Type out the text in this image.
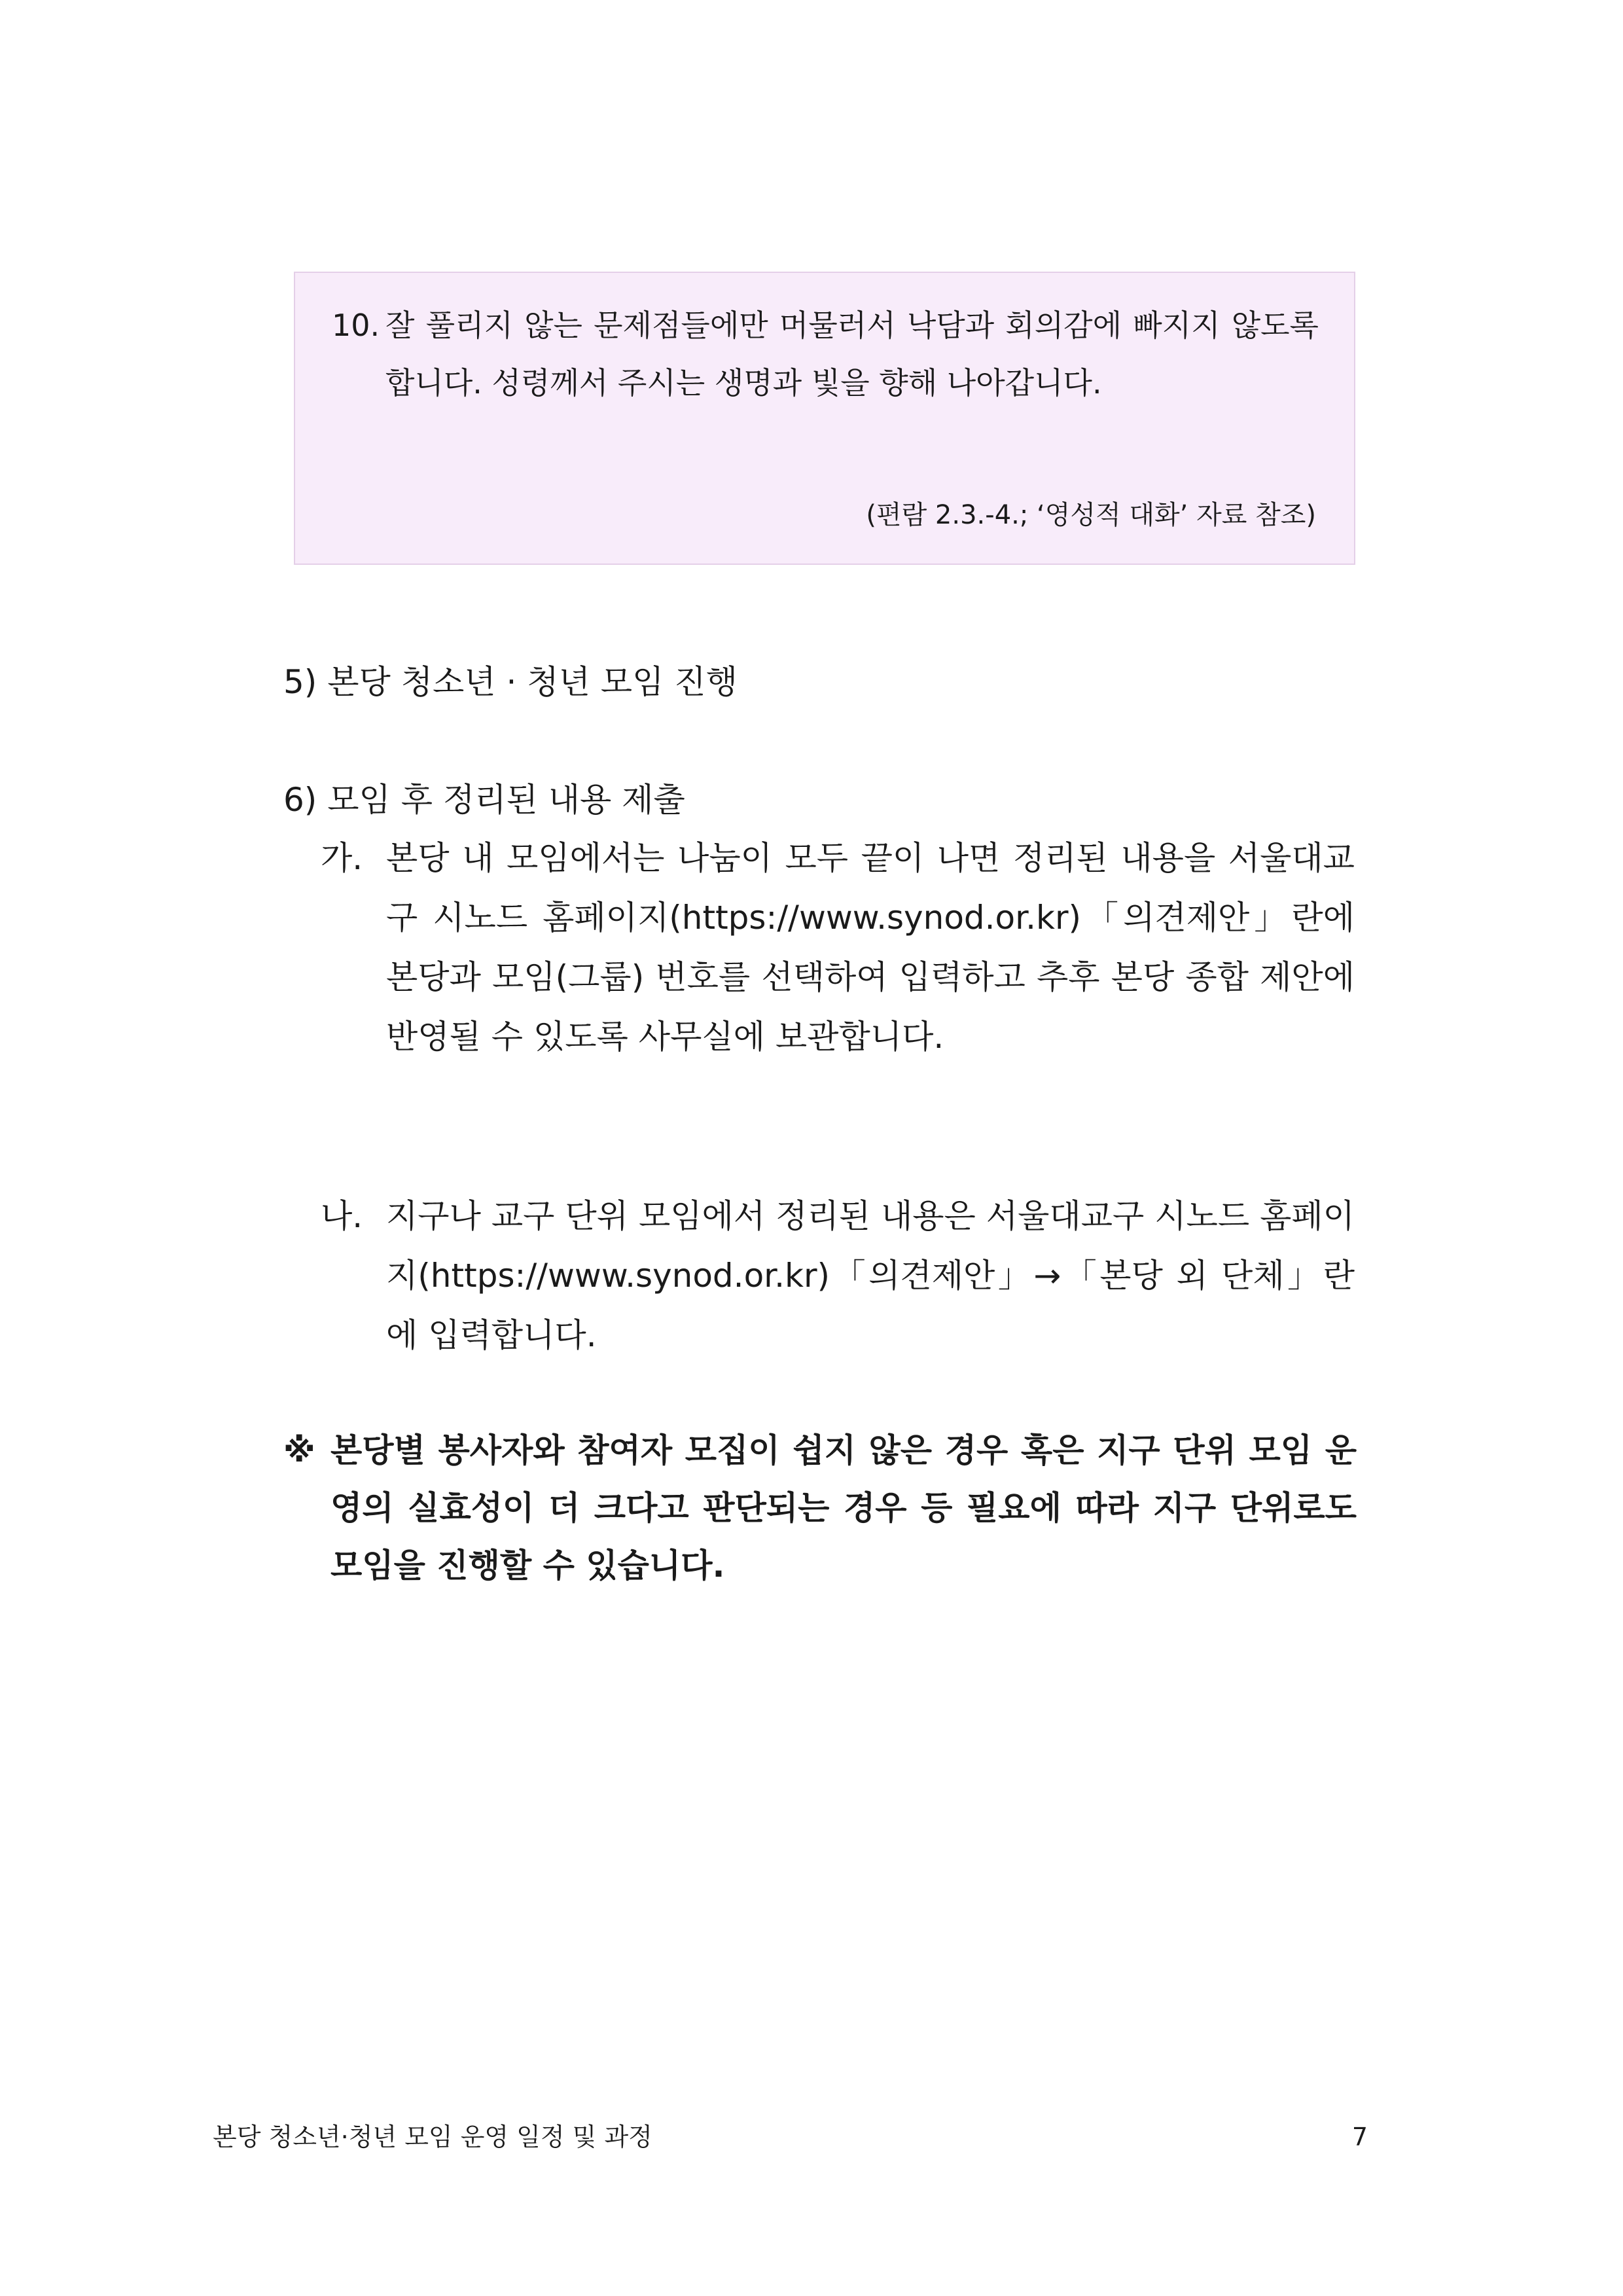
10. 잘 풀리지 않는 문제점들에만 머물러서 낙담과 회의감에 빠지지 않도록 합니다. 성령께서 주시는 생명과 빛을 향해 나아갑니다.
(편람 2.3.-4.; ‘영성적 대화’ 자료 참조)
5) 본당 청소년 · 청년 모임 진행
6) 모임 후 정리된 내용 제출
가. 본당 내 모임에서는 나눔이 모두 끝이 나면 정리된 내용을 서울대교구 시노드 홈페이지(https://www.synod.or.kr)「의견제안」란에 본당과 모임(그룹) 번호를 선택하여 입력하고 추후 본당 종합 제안에 반영될 수 있도록 사무실에 보관합니다.
나. 지구나 교구 단위 모임에서 정리된 내용은 서울대교구 시노드 홈페이지(https://www.synod.or.kr)「의견제안」→「본당 외 단체」란에 입력합니다.
※ 본당별 봉사자와 참여자 모집이 쉽지 않은 경우 혹은 지구 단위 모임 운영의 실효성이 더 크다고 판단되는 경우 등 필요에 따라 지구 단위로도 모임을 진행할 수 있습니다.
본당 청소년·청년 모임 운영 일정 및 과정	7
